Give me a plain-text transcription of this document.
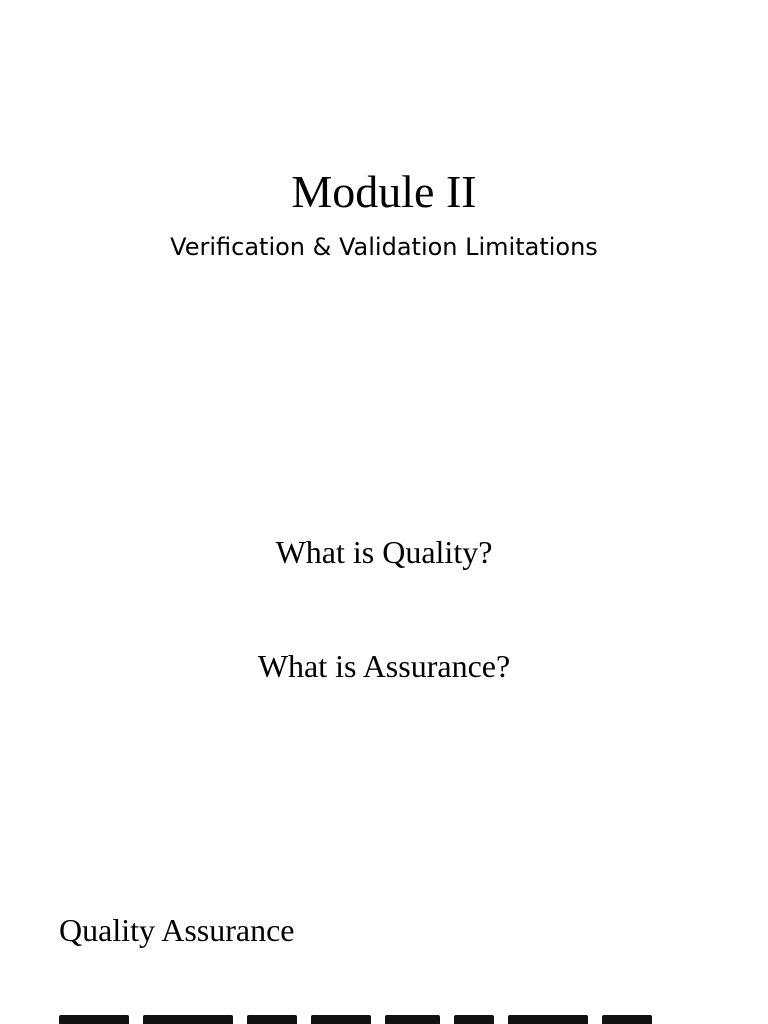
Module II
Verification & Validation Limitations
What is Quality?
What is Assurance?
Quality Assurance
